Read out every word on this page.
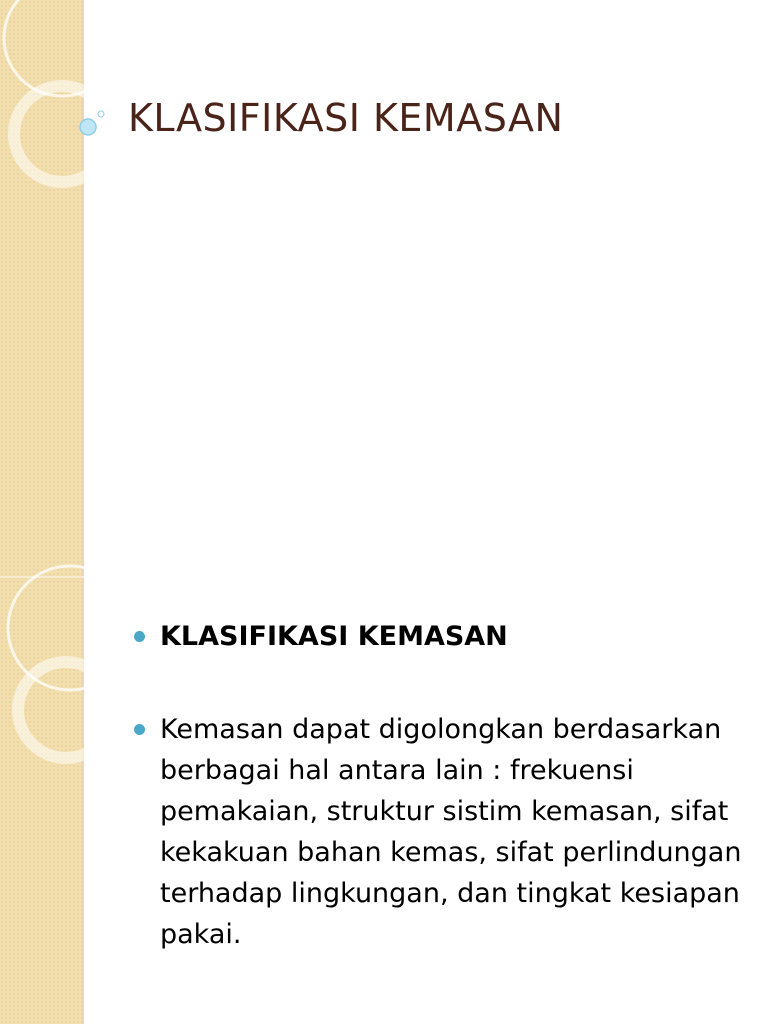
KLASIFIKASI KEMASAN
KLASIFIKASI KEMASAN
Kemasan dapat digolongkan berdasarkan berbagai hal antara lain : frekuensi pemakaian, struktur sistim kemasan, sifat kekakuan bahan kemas, sifat perlindungan terhadap lingkungan, dan tingkat kesiapan pakai.
